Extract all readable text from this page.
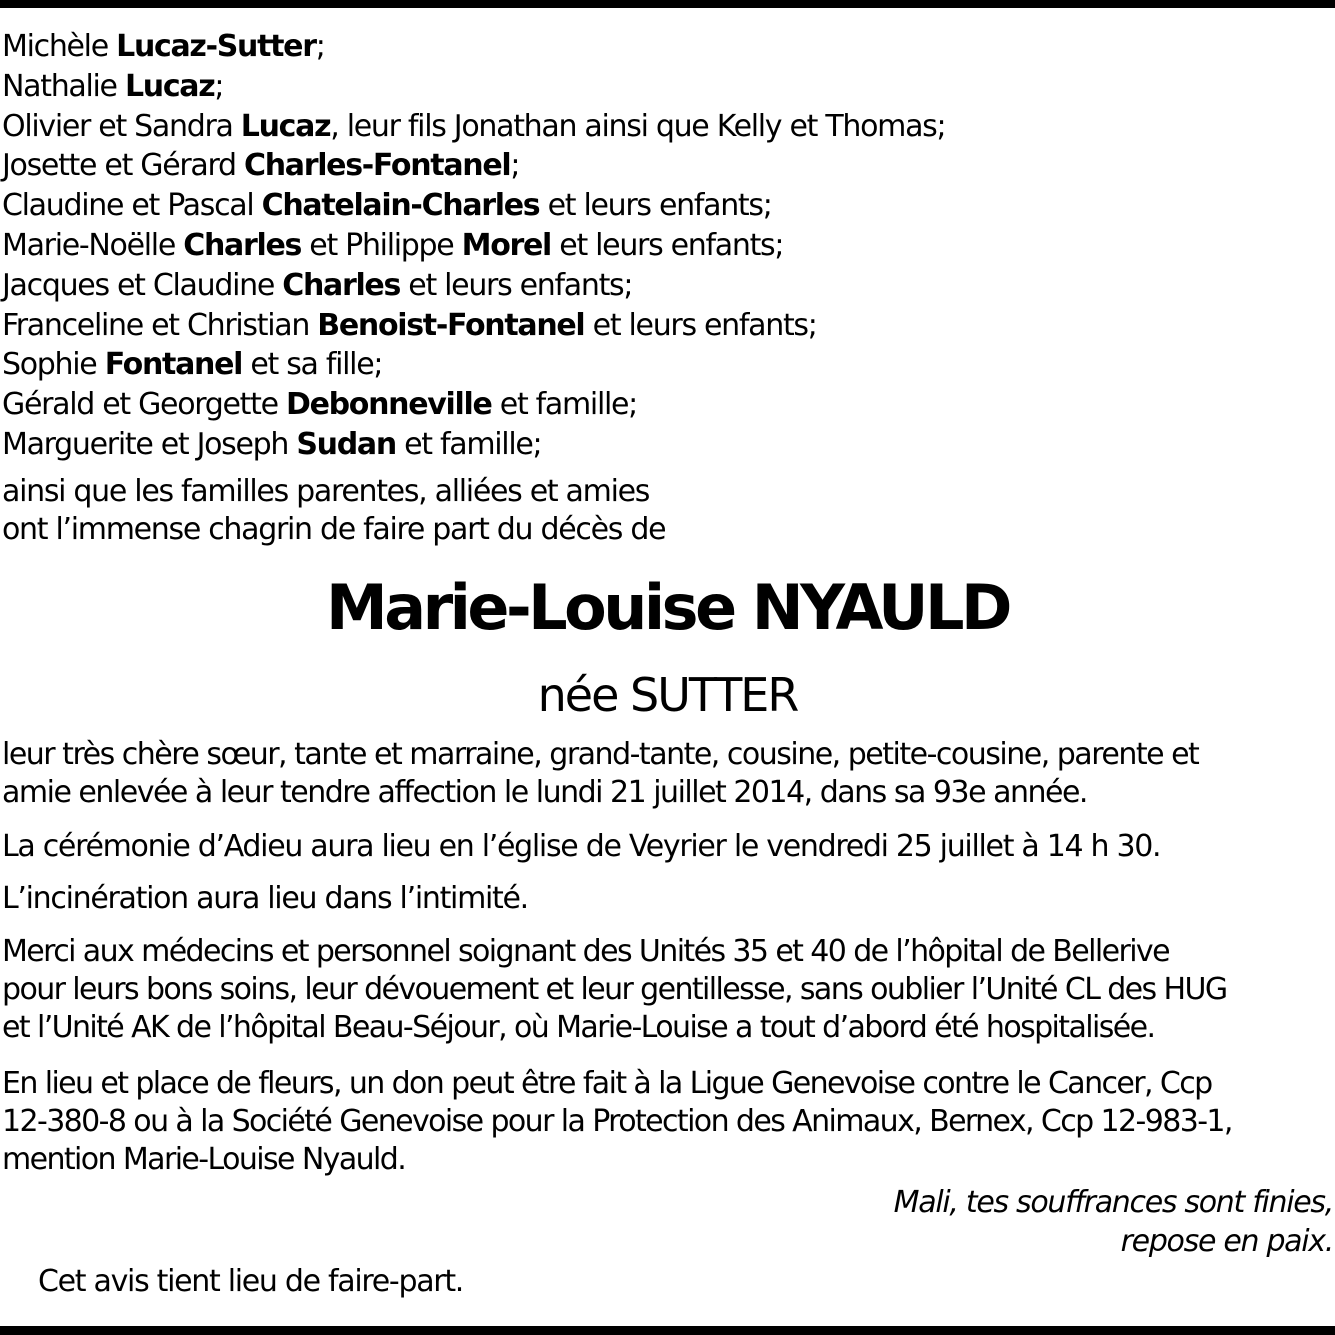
Michèle Lucaz-Sutter;
Nathalie Lucaz;
Olivier et Sandra Lucaz, leur fils Jonathan ainsi que Kelly et Thomas;
Josette et Gérard Charles-Fontanel;
Claudine et Pascal Chatelain-Charles et leurs enfants;
Marie-Noëlle Charles et Philippe Morel et leurs enfants;
Jacques et Claudine Charles et leurs enfants;
Franceline et Christian Benoist-Fontanel et leurs enfants;
Sophie Fontanel et sa fille;
Gérald et Georgette Debonneville et famille;
Marguerite et Joseph Sudan et famille;
ainsi que les familles parentes, alliées et amies
ont l’immense chagrin de faire part du décès de
Marie-Louise NYAULD
née SUTTER
leur très chère sœur, tante et marraine, grand-tante, cousine, petite-cousine, parente et
amie enlevée à leur tendre affection le lundi 21 juillet 2014, dans sa 93e année.
La cérémonie d’Adieu aura lieu en l’église de Veyrier le vendredi 25 juillet à 14 h 30.
L’incinération aura lieu dans l’intimité.
Merci aux médecins et personnel soignant des Unités 35 et 40 de l’hôpital de Bellerive
pour leurs bons soins, leur dévouement et leur gentillesse, sans oublier l’Unité CL des HUG
et l’Unité AK de l’hôpital Beau-Séjour, où Marie-Louise a tout d’abord été hospitalisée.
En lieu et place de fleurs, un don peut être fait à la Ligue Genevoise contre le Cancer, Ccp
12-380-8 ou à la Société Genevoise pour la Protection des Animaux, Bernex, Ccp 12-983-1,
mention Marie-Louise Nyauld.
Mali, tes souffrances sont finies,
repose en paix.
Cet avis tient lieu de faire-part.
